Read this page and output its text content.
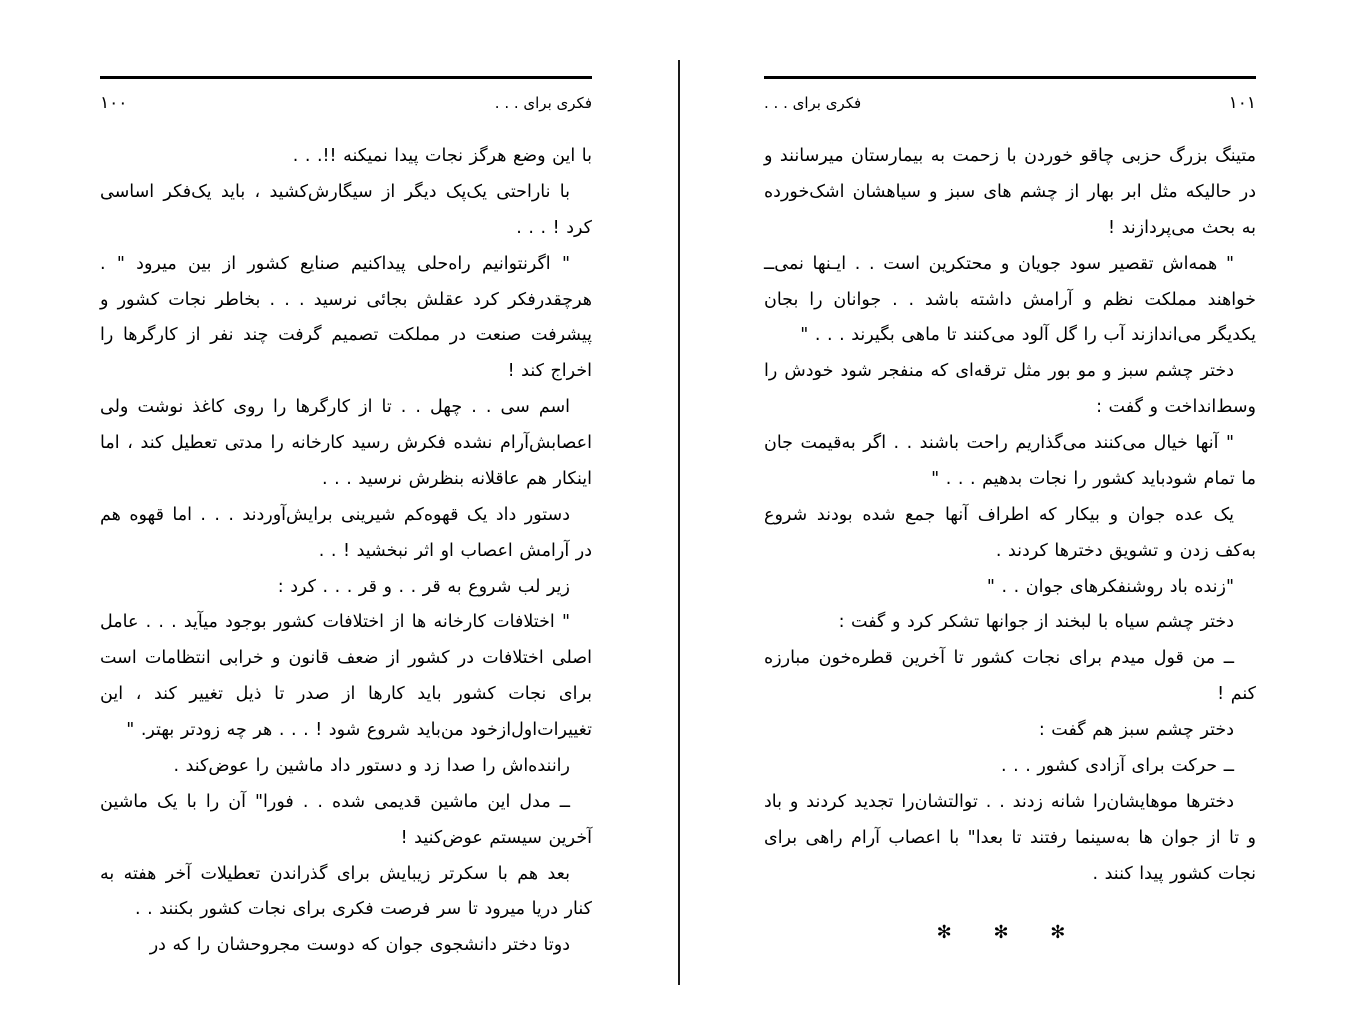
فکری برای . . .
١٠٠

با این وضع هرگز نجات پیدا نمیکنه !!. . .

با ناراحتی یک‌پک دیگر از سیگارش‌کشید ، باید یک‌فکر اساسی کرد ! . . .

" اگرنتوانیم راه‌حلی پیداکنیم صنایع کشور از بین میرود " . هرچقدرفکر کرد عقلش بجائی نرسید . . . بخاطر نجات کشور و پیشرفت صنعت در مملکت تصمیم گرفت چند نفر از کارگرها را اخراج کند !

اسم سی . . چهل . . تا از کارگرها را روی کاغذ نوشت ولی اعصابش‌آرام نشده فکرش رسید کارخانه را مدتی تعطیل کند ، اما اینکار هم عاقلانه بنظرش نرسید . . .

دستور داد یک قهوه‌کم شیرینی برایش‌آوردند . . . اما قهوه هم در آرامش اعصاب او اثر نبخشید ! . .

زیر لب شروع به قر . . و قر . . . کرد :

" اختلافات کارخانه ها از اختلافات کشور بوجود میآید . . . عامل اصلی اختلافات در کشور از ضعف قانون و خرابی انتظامات است برای نجات کشور باید کارها از صدر تا ذیل تغییر کند ، این تغییرات‌اول‌ازخود من‌باید شروع شود ! . . . هر چه زودتر بهتر. "

راننده‌اش را صدا زد و دستور داد ماشین را عوض‌کند .

ــ مدل این ماشین قدیمی شده . . فورا" آن را با یک ماشین آخرین سیستم عوض‌کنید !

بعد هم با سکرتر زیبایش برای گذراندن تعطیلات آخر هفته به کنار دریا میرود تا سر فرصت فکری برای نجات کشور بکنند . .

دوتا دختر دانشجوی جوان که دوست مجروحشان را که در

فکری برای . . .	١٠١

متینگ بزرگ حزبی چاقو خوردن با زحمت به بیمارستان میرسانند و در حالیکه مثل ابر بهار از چشم های سبز و سیاهشان اشک‌خورده به بحث می‌پردازند !

" همه‌اش تقصیر سود جویان و محتکرین است . . ایـنها نمی‌ــ خواهند مملکت نظم و آرامش داشته باشد . . جوانان را بجان یکدیگر می‌اندازند آب را گل آلود می‌کنند تا ماهی بگیرند . . . "

دختر چشم سبز و مو بور مثل ترقه‌ای که منفجر شود خودش را وسط‌انداخت و گفت :

" آنها خیال می‌کنند می‌گذاریم راحت باشند . . اگر به‌قیمت جان ما تمام شود‌باید کشور را نجات بدهیم . . . "

یک عده جوان و بیکار که اطراف آنها جمع شده بودند شروع به‌کف زدن و تشویق دخترها کردند .

"زنده باد روشنفکرهای جوان . . "

دختر چشم سیاه با لبخند از جوانها تشکر کرد و گفت :

ــ من قول میدم برای نجات کشور تا آخرین قطره‌خون مبارزه کنم !

دختر چشم سبز هم گفت :

ــ حرکت برای آزادی کشور . . .

دخترها موهایشان‌را شانه زدند . . توالتشان‌را تجدید کردند و باد و تا از جوان ها به‌سینما رفتند تا بعدا" با اعصاب آرام راهی برای نجات کشور پیدا کنند .

✻ ✻ ✻
